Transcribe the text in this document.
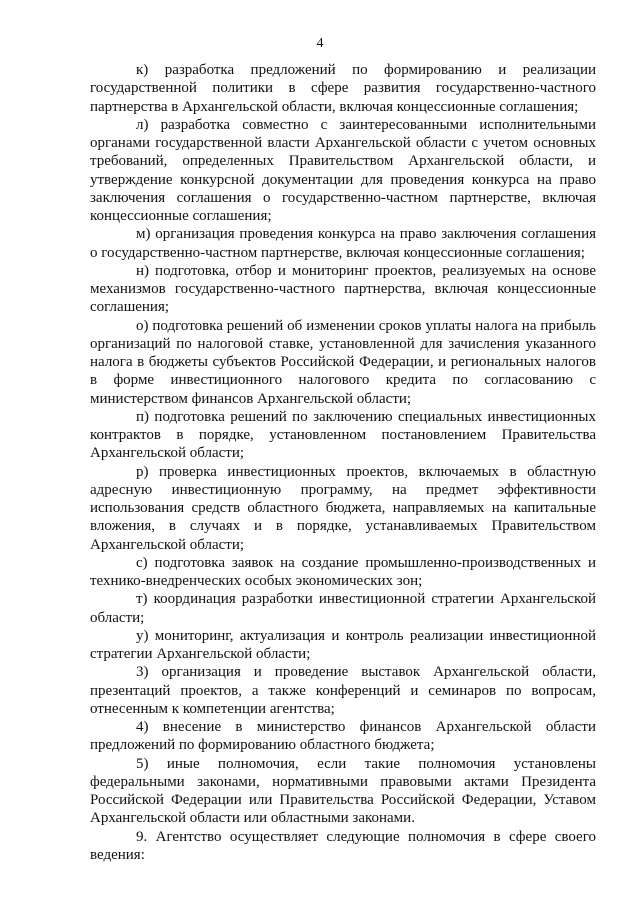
4

к) разработка предложений по формированию и реализации государственной политики в сфере развития государственно-частного партнерства в Архангельской области, включая концессионные соглашения;

л) разработка совместно с заинтересованными исполнительными органами государственной власти Архангельской области с учетом основных требований, определенных Правительством Архангельской области, и утверждение конкурсной документации для проведения конкурса на право заключения соглашения о государственно-частном партнерстве, включая концессионные соглашения;

м) организация проведения конкурса на право заключения соглашения о государственно-частном партнерстве, включая концессионные соглашения;

н) подготовка, отбор и мониторинг проектов, реализуемых на основе механизмов государственно-частного партнерства, включая концессионные соглашения;

о) подготовка решений об изменении сроков уплаты налога на прибыль организаций по налоговой ставке, установленной для зачисления указанного налога в бюджеты субъектов Российской Федерации, и региональных налогов в форме инвестиционного налогового кредита по согласованию с министерством финансов Архангельской области;

п) подготовка решений по заключению специальных инвестиционных контрактов в порядке, установленном постановлением Правительства Архангельской области;

р) проверка инвестиционных проектов, включаемых в областную адресную инвестиционную программу, на предмет эффективности использования средств областного бюджета, направляемых на капитальные вложения, в случаях и в порядке, устанавливаемых Правительством Архангельской области;

с) подготовка заявок на создание промышленно-производственных и технико-внедренческих особых экономических зон;

т) координация разработки инвестиционной стратегии Архангельской области;

у) мониторинг, актуализация и контроль реализации инвестиционной стратегии Архангельской области;

3) организация и проведение выставок Архангельской области, презентаций проектов, а также конференций и семинаров по вопросам, отнесенным к компетенции агентства;

4) внесение в министерство финансов Архангельской области предложений по формированию областного бюджета;

5) иные полномочия, если такие полномочия установлены федеральными законами, нормативными правовыми актами Президента Российской Федерации или Правительства Российской Федерации, Уставом Архангельской области или областными законами.

9. Агентство осуществляет следующие полномочия в сфере своего ведения:
